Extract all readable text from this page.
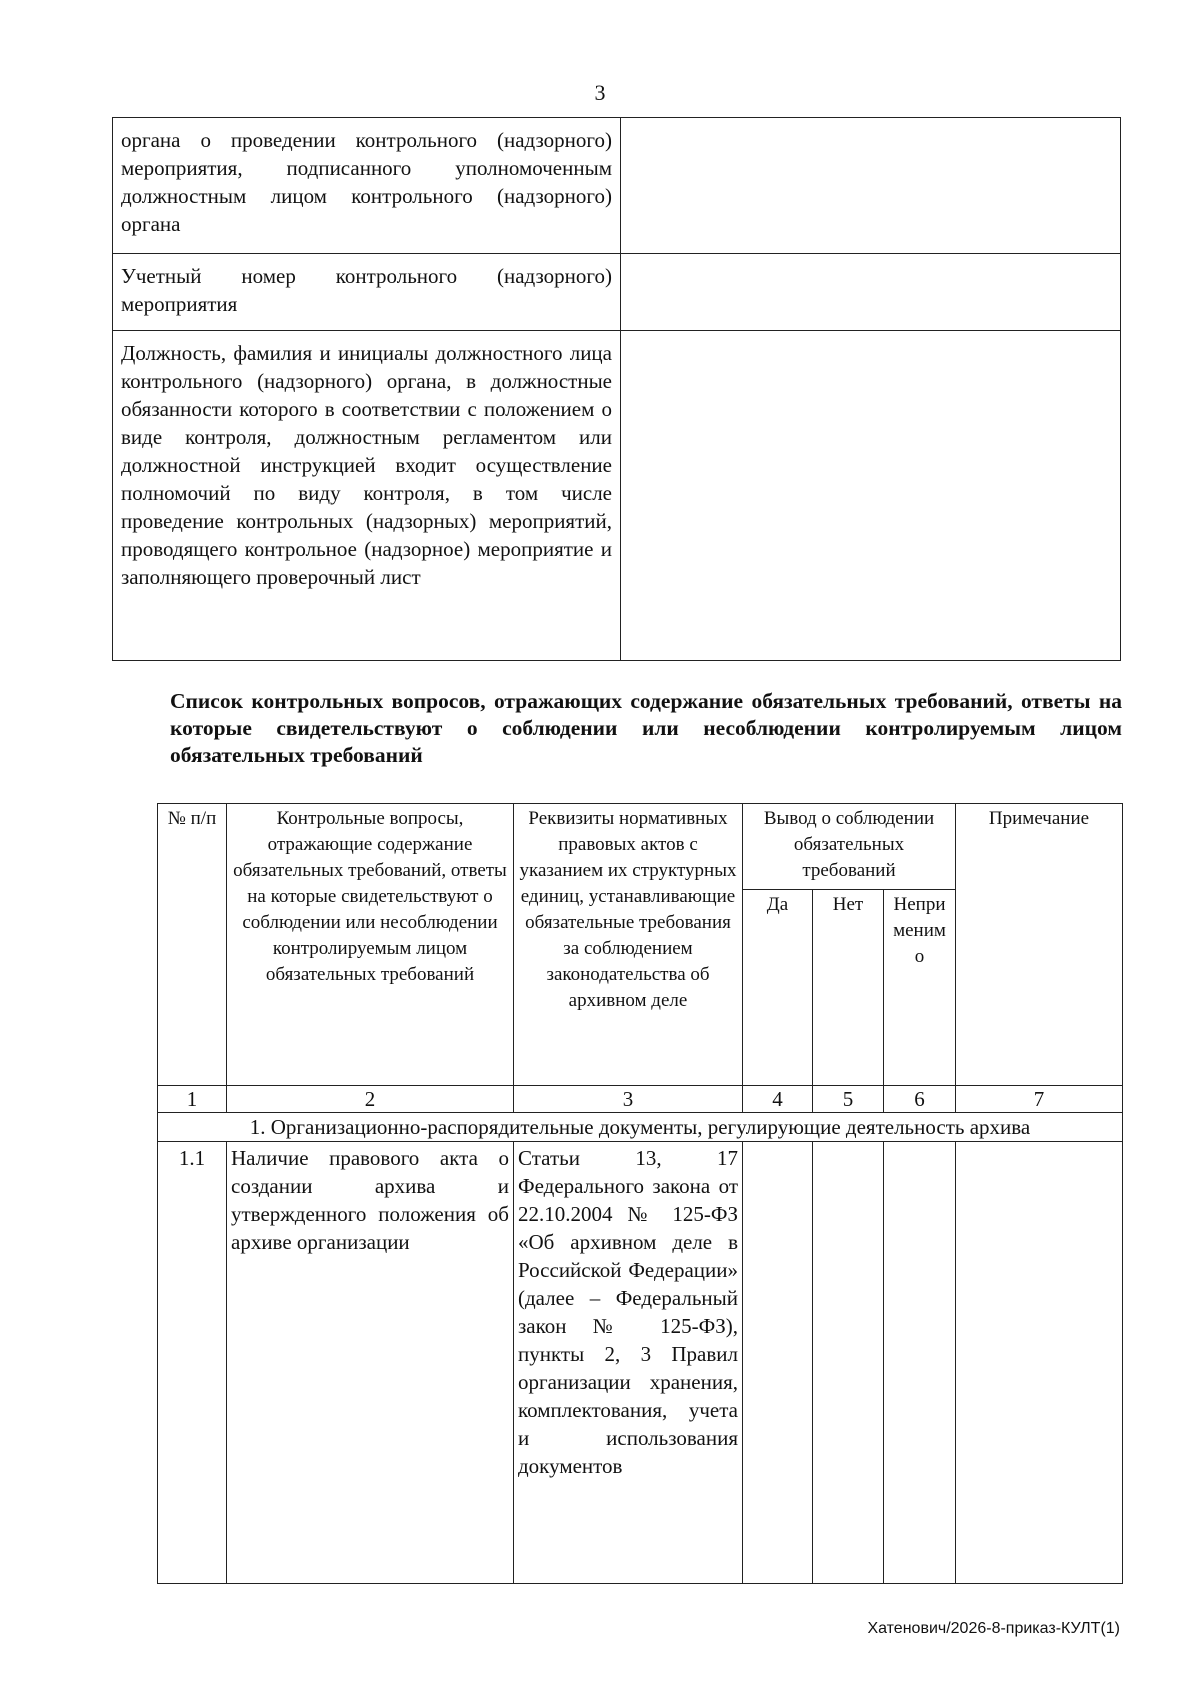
3
органа о проведении контрольного (надзорного) мероприятия, подписанного уполномоченным должностным лицом контрольного (надзорного) органа	
Учетный номер контрольного (надзорного) мероприятия	
Должность, фамилия и инициалы должностного лица контрольного (надзорного) органа, в должностные обязанности которого в соответствии с положением о виде контроля, должностным регламентом или должностной инструкцией входит осуществление полномочий по виду контроля, в том числе проведение контрольных (надзорных) мероприятий, проводящего контрольное (надзорное) мероприятие и заполняющего проверочный лист	
Список контрольных вопросов, отражающих содержание обязательных требований, ответы на которые свидетельствуют о соблюдении или несоблюдении контролируемым лицом обязательных требований
№ п/п	Контрольные вопросы, отражающие содержание обязательных требований, ответы на которые свидетельствуют о соблюдении или несоблюдении контролируемым лицом обязательных требований	Реквизиты нормативных правовых актов с указанием их структурных единиц, устанавливающие обязательные требования за соблюдением законодательства об архивном деле	Вывод о соблюдении обязательных требований			Примечание
			Да	Нет	Непри меним о	
1	2	3	4	5	6	7
1. Организационно-распорядительные документы, регулирующие деятельность архива						
1.1	Наличие правового акта о создании архива и утвержденного положения об архиве организации	Статьи 13, 17 Федерального закона от 22.10.2004 № 125-ФЗ «Об архивном деле в Российской Федерации» (далее – Федеральный закон № 125-ФЗ), пункты 2, 3 Правил организации хранения, комплектования, учета и использования документов				
Хатенович/2026-8-приказ-КУЛТ(1)
